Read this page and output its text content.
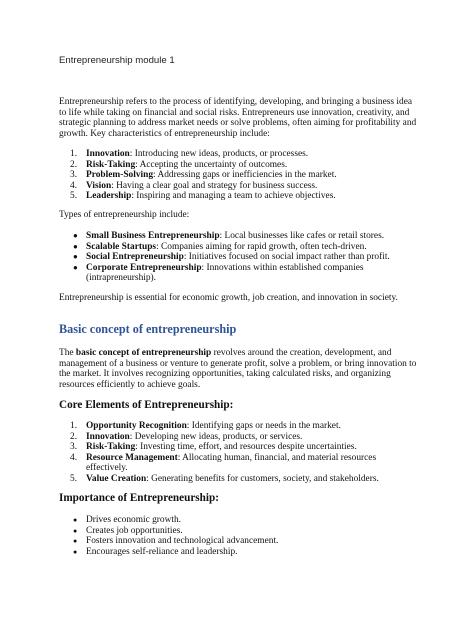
Entrepreneurship module 1

Entrepreneurship refers to the process of identifying, developing, and bringing a business idea to life while taking on financial and social risks. Entrepreneurs use innovation, creativity, and strategic planning to address market needs or solve problems, often aiming for profitability and growth. Key characteristics of entrepreneurship include:

1. Innovation: Introducing new ideas, products, or processes.
2. Risk-Taking: Accepting the uncertainty of outcomes.
3. Problem-Solving: Addressing gaps or inefficiencies in the market.
4. Vision: Having a clear goal and strategy for business success.
5. Leadership: Inspiring and managing a team to achieve objectives.

Types of entrepreneurship include:

● Small Business Entrepreneurship: Local businesses like cafes or retail stores.
● Scalable Startups: Companies aiming for rapid growth, often tech-driven.
● Social Entrepreneurship: Initiatives focused on social impact rather than profit.
● Corporate Entrepreneurship: Innovations within established companies (intrapreneurship).

Entrepreneurship is essential for economic growth, job creation, and innovation in society.

Basic concept of entrepreneurship

The basic concept of entrepreneurship revolves around the creation, development, and management of a business or venture to generate profit, solve a problem, or bring innovation to the market. It involves recognizing opportunities, taking calculated risks, and organizing resources efficiently to achieve goals.

Core Elements of Entrepreneurship:
1. Opportunity Recognition: Identifying gaps or needs in the market.
2. Innovation: Developing new ideas, products, or services.
3. Risk-Taking: Investing time, effort, and resources despite uncertainties.
4. Resource Management: Allocating human, financial, and material resources effectively.
5. Value Creation: Generating benefits for customers, society, and stakeholders.
Importance of Entrepreneurship:
● Drives economic growth.
● Creates job opportunities.
● Fosters innovation and technological advancement.
● Encourages self-reliance and leadership.
